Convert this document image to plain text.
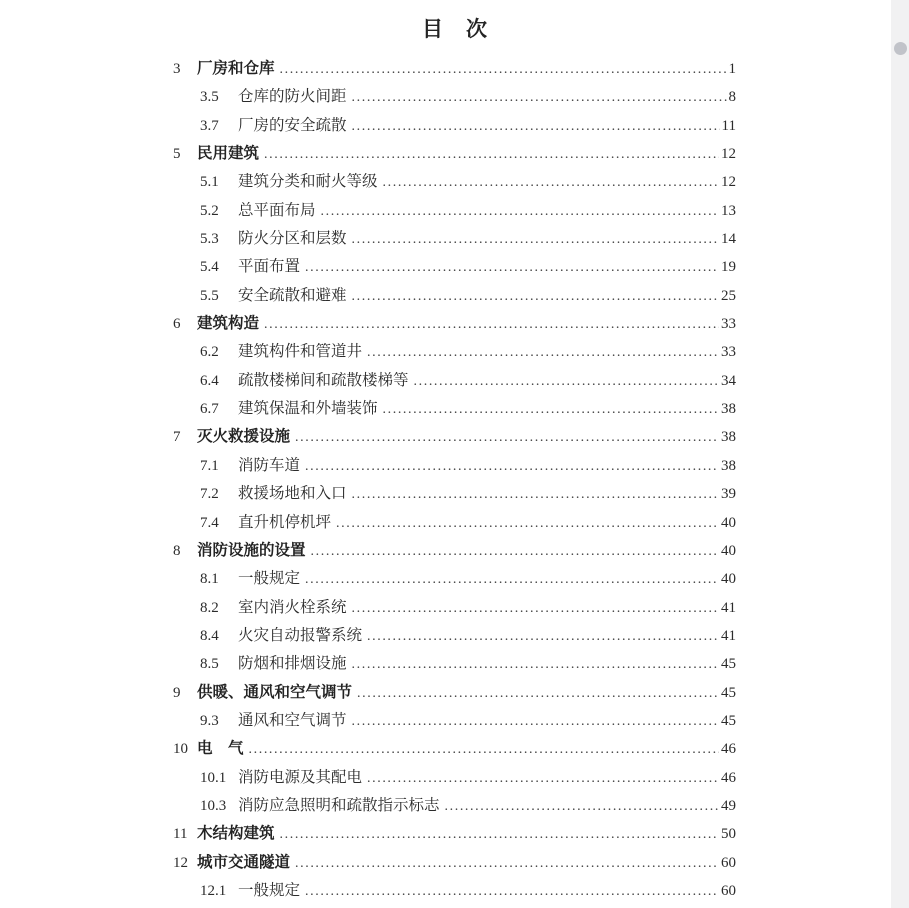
目　次
3	厂房和仓库 .....	1
3.5	仓库的防火间距 .....	8
3.7	厂房的安全疏散 .....	11
5	民用建筑 .....	12
5.1	建筑分类和耐火等级 .....	12
5.2	总平面布局 .....	13
5.3	防火分区和层数 .....	14
5.4	平面布置 .....	19
5.5	安全疏散和避难 .....	25
6	建筑构造 .....	33
6.2	建筑构件和管道井 .....	33
6.4	疏散楼梯间和疏散楼梯等 .....	34
6.7	建筑保温和外墙装饰 .....	38
7	灭火救援设施 .....	38
7.1	消防车道 .....	38
7.2	救援场地和入口 .....	39
7.4	直升机停机坪 .....	40
8	消防设施的设置 .....	40
8.1	一般规定 .....	40
8.2	室内消火栓系统 .....	41
8.4	火灾自动报警系统 .....	41
8.5	防烟和排烟设施 .....	45
9	供暖、通风和空气调节 .....	45
9.3	通风和空气调节 .....	45
10 电　气 .....	46
10.1 消防电源及其配电 .....	46
10.3 消防应急照明和疏散指示标志 .....	49
11 木结构建筑 .....	50
12 城市交通隧道 .....	60
12.1 一般规定 .....	60
